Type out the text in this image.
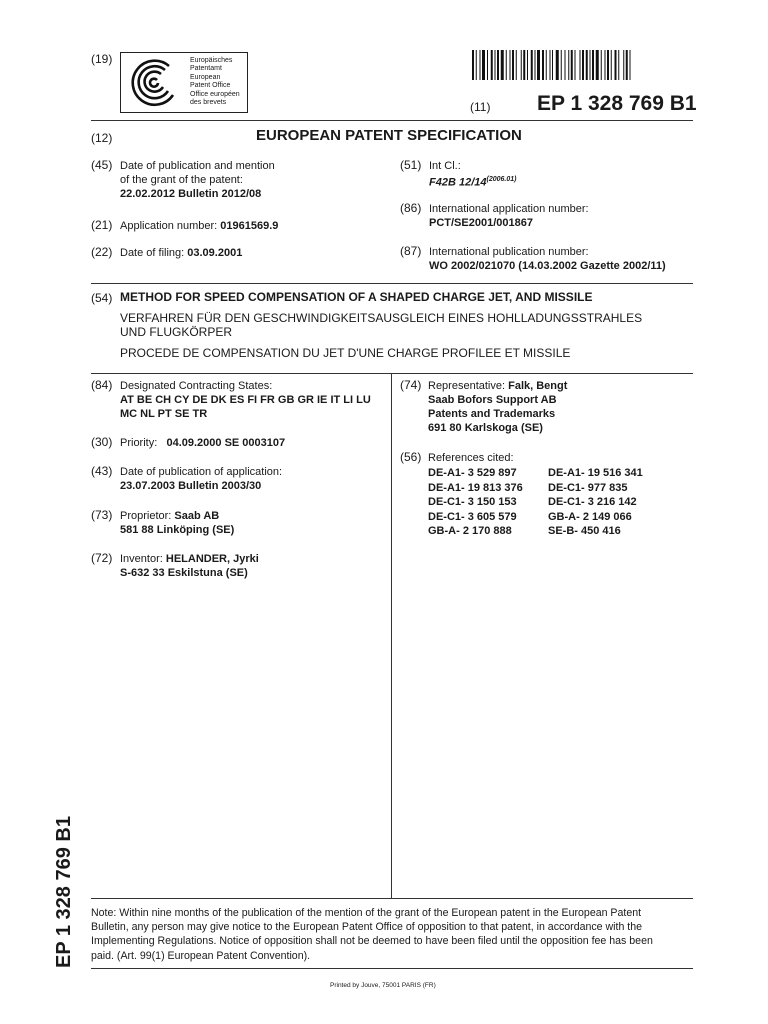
(19)	Europäisches
Patentamt
European
Patent Office
Office européen
des brevets	(11) EP 1 328 769 B1
(12)	EUROPEAN PATENT SPECIFICATION
(45) Date of publication and mention
of the grant of the patent:
22.02.2012 Bulletin 2012/08
(21) Application number: 01961569.9
(22) Date of filing: 03.09.2001
(51) Int Cl.:
F42B $12/14^{(2006.01)}$
(86) International application number:
PCT/SE2001/001867
(87) International publication number:
WO 2002/021070 (14.03.2002 Gazette 2002/11)
(54) METHOD FOR SPEED COMPENSATION OF A SHAPED CHARGE JET, AND MISSILE
VERFAHREN FÜR DEN GESCHWINDIGKEITSAUSGLEICH EINES HOHLLADUNGSSTRAHLES
UND FLUGKÖRPER
PROCEDE DE COMPENSATION DU JET D'UNE CHARGE PROFILEE ET MISSILE
(84) Designated Contracting States:
AT BE CH CY DE DK ES FI FR GB GR IE IT LI LU
MC NL PT SE TR
(30) Priority: 04.09.2000 SE 0003107
(43) Date of publication of application:
23.07.2003 Bulletin 2003/30
(73) Proprietor: Saab AB
581 88 Linköping (SE)
(72) Inventor: HELANDER, Jyrki
S-632 33 Eskilstuna (SE)
(74) Representative: Falk, Bengt
Saab Bofors Support AB
Patents and Trademarks
691 80 Karlskoga (SE)
(56) References cited:
DE-A1- 3 529 897	DE-A1- 19 516 341
DE-A1- 19 813 376	DE-C1- 977 835
DE-C1- 3 150 153	DE-C1- 3 216 142
DE-C1- 3 605 579	GB-A- 2 149 066
GB-A- 2 170 888	SE-B- 450 416
Note: Within nine months of the publication of the mention of the grant of the European patent in the European Patent
Bulletin, any person may give notice to the European Patent Office of opposition to that patent, in accordance with the
Implementing Regulations. Notice of opposition shall not be deemed to have been filed until the opposition fee has been
paid. (Art. 99(1) European Patent Convention).
Printed by Jouve, 75001 PARIS (FR)
EP 1 328 769 B1
